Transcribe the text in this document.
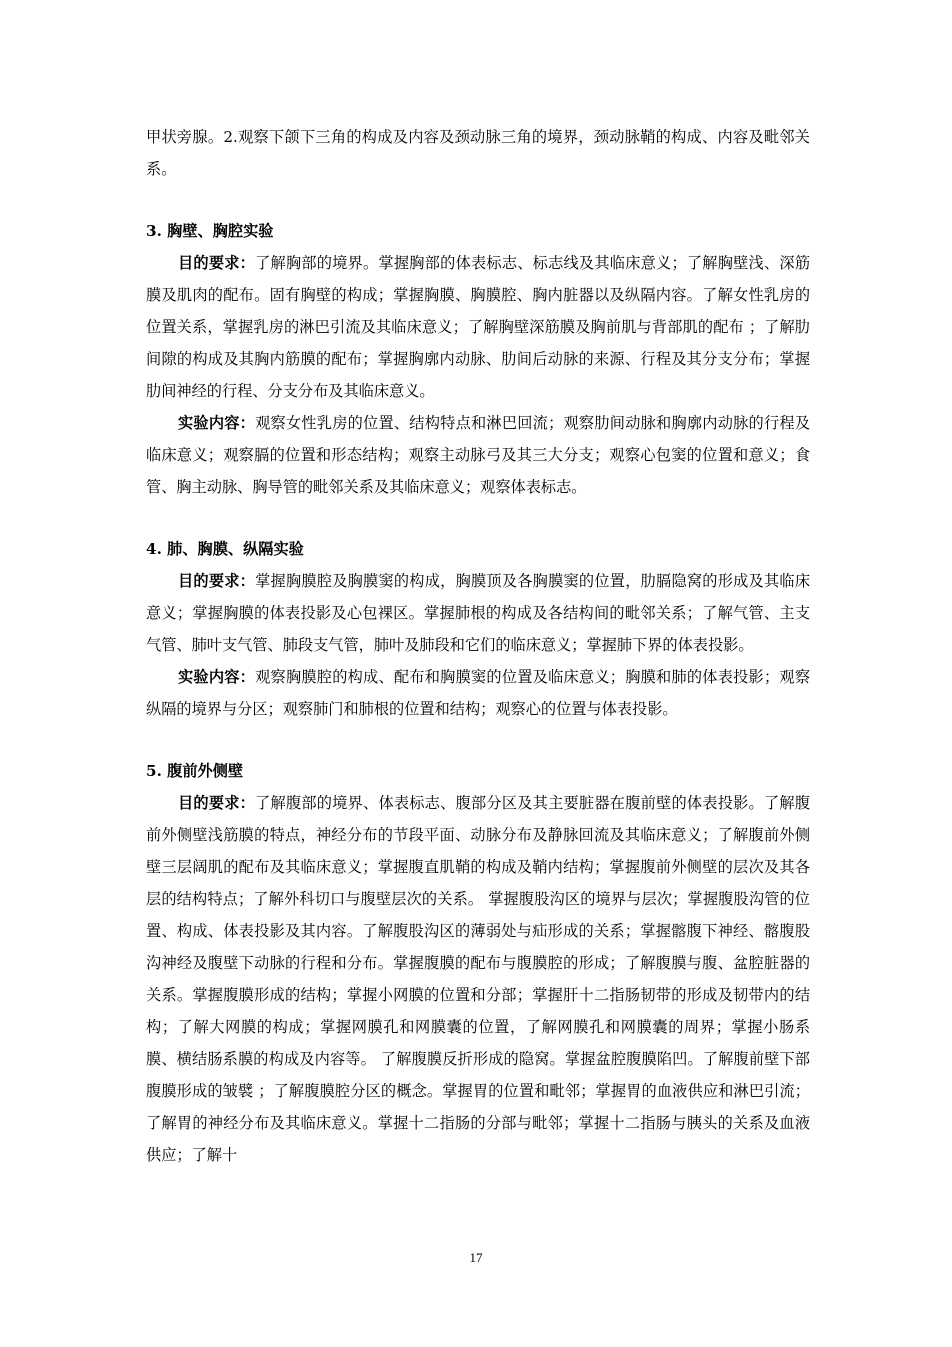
甲状旁腺。2.观察下颌下三角的构成及内容及颈动脉三角的境界，颈动脉鞘的构成、内容及毗邻关系。

3. 胸壁、胸腔实验

目的要求：了解胸部的境界。掌握胸部的体表标志、标志线及其临床意义；了解胸壁浅、深筋膜及肌肉的配布。固有胸壁的构成；掌握胸膜、胸膜腔、胸内脏器以及纵隔内容。了解女性乳房的位置关系，掌握乳房的淋巴引流及其临床意义；了解胸壁深筋膜及胸前肌与背部肌的配布 ；了解肋间隙的构成及其胸内筋膜的配布；掌握胸廓内动脉、肋间后动脉的来源、行程及其分支分布；掌握肋间神经的行程、分支分布及其临床意义。

实验内容：观察女性乳房的位置、结构特点和淋巴回流；观察肋间动脉和胸廓内动脉的行程及临床意义；观察膈的位置和形态结构；观察主动脉弓及其三大分支；观察心包窦的位置和意义；食管、胸主动脉、胸导管的毗邻关系及其临床意义；观察体表标志。

4. 肺、胸膜、纵隔实验

目的要求：掌握胸膜腔及胸膜窦的构成，胸膜顶及各胸膜窦的位置，肋膈隐窝的形成及其临床意义；掌握胸膜的体表投影及心包裸区。掌握肺根的构成及各结构间的毗邻关系；了解气管、主支气管、肺叶支气管、肺段支气管，肺叶及肺段和它们的临床意义；掌握肺下界的体表投影。

实验内容：观察胸膜腔的构成、配布和胸膜窦的位置及临床意义；胸膜和肺的体表投影；观察纵隔的境界与分区；观察肺门和肺根的位置和结构；观察心的位置与体表投影。

5. 腹前外侧壁

目的要求：了解腹部的境界、体表标志、腹部分区及其主要脏器在腹前壁的体表投影。了解腹前外侧壁浅筋膜的特点，神经分布的节段平面、动脉分布及静脉回流及其临床意义；了解腹前外侧壁三层阔肌的配布及其临床意义；掌握腹直肌鞘的构成及鞘内结构；掌握腹前外侧壁的层次及其各层的结构特点；了解外科切口与腹壁层次的关系。 掌握腹股沟区的境界与层次；掌握腹股沟管的位置、构成、体表投影及其内容。了解腹股沟区的薄弱处与疝形成的关系；掌握髂腹下神经、髂腹股沟神经及腹壁下动脉的行程和分布。掌握腹膜的配布与腹膜腔的形成；了解腹膜与腹、盆腔脏器的关系。掌握腹膜形成的结构；掌握小网膜的位置和分部；掌握肝十二指肠韧带的形成及韧带内的结构；了解大网膜的构成；掌握网膜孔和网膜囊的位置，了解网膜孔和网膜囊的周界；掌握小肠系膜、横结肠系膜的构成及内容等。 了解腹膜反折形成的隐窝。掌握盆腔腹膜陷凹。了解腹前壁下部腹膜形成的皱襞 ；了解腹膜腔分区的概念。掌握胃的位置和毗邻；掌握胃的血液供应和淋巴引流；了解胃的神经分布及其临床意义。掌握十二指肠的分部与毗邻；掌握十二指肠与胰头的关系及血液供应；了解十

17
